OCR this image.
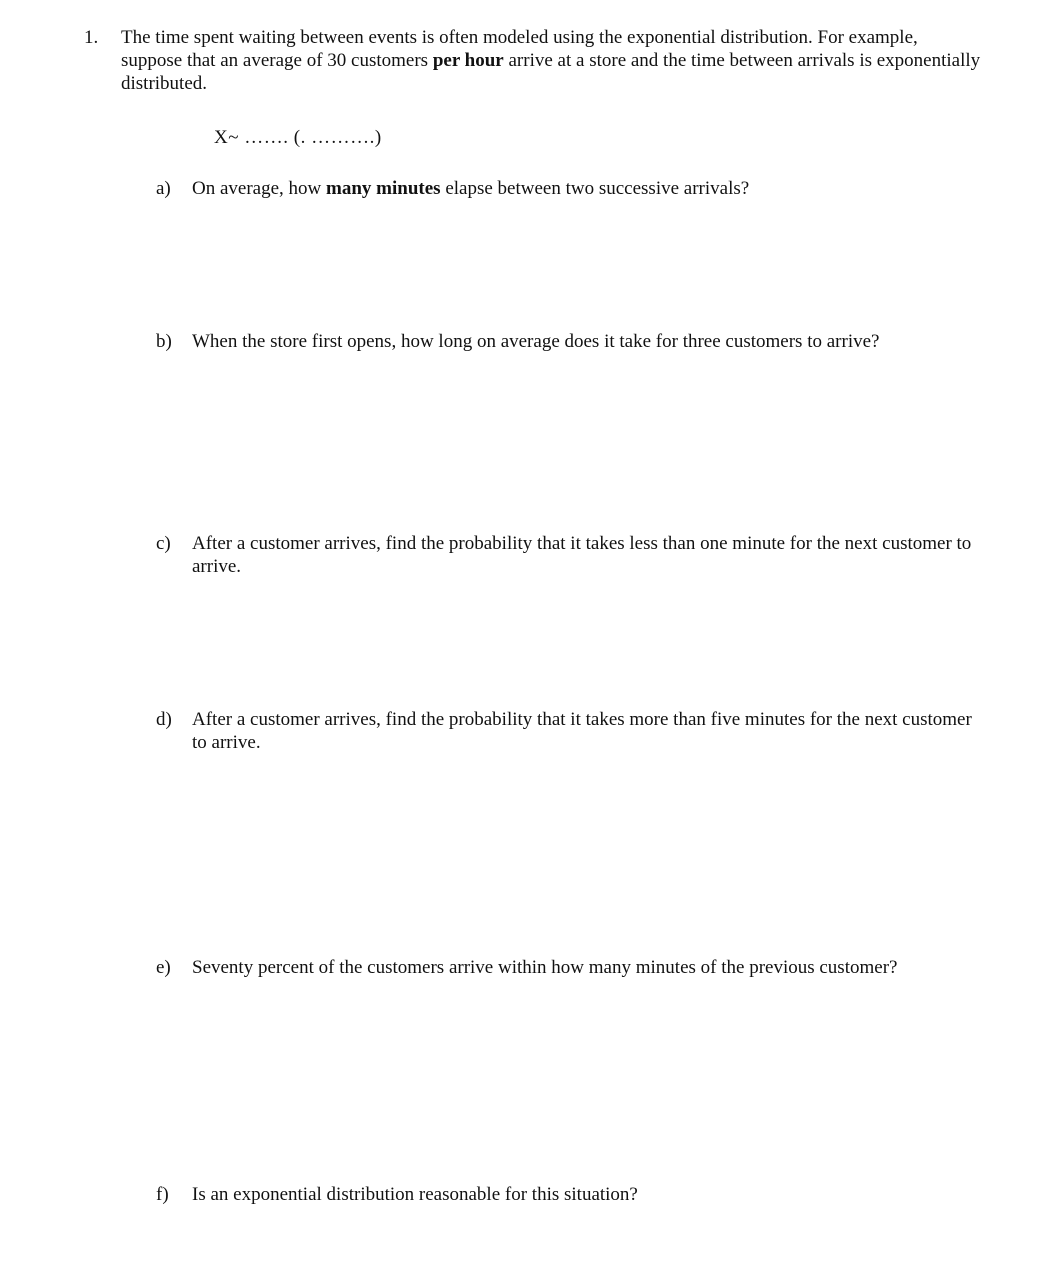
1. The time spent waiting between events is often modeled using the exponential distribution. For example, suppose that an average of 30 customers per hour arrive at a store and the time between arrivals is exponentially distributed.
X~ ……. (. ……….)
a) On average, how many minutes elapse between two successive arrivals?
b) When the store first opens, how long on average does it take for three customers to arrive?
c) After a customer arrives, find the probability that it takes less than one minute for the next customer to arrive.
d) After a customer arrives, find the probability that it takes more than five minutes for the next customer to arrive.
e) Seventy percent of the customers arrive within how many minutes of the previous customer?
f) Is an exponential distribution reasonable for this situation?
